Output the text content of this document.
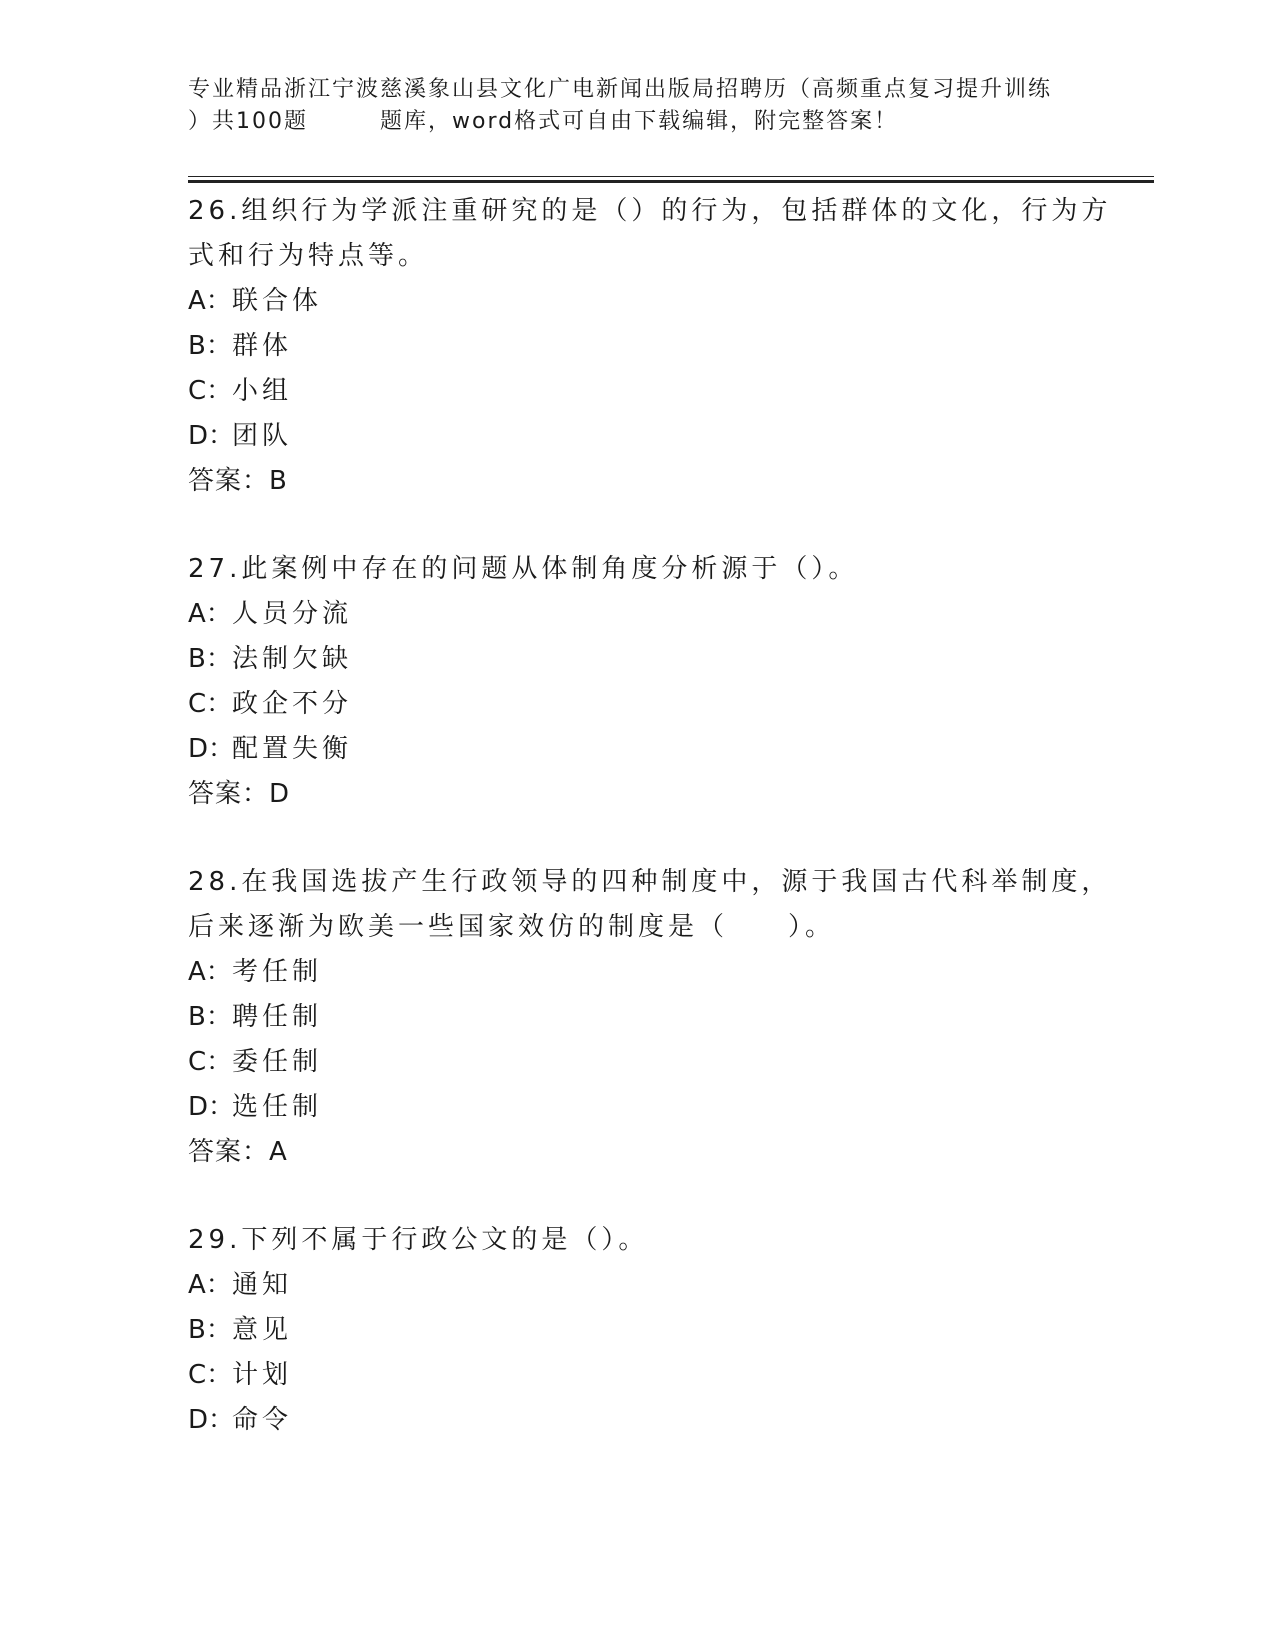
专业精品浙江宁波慈溪象山县文化广电新闻出版局招聘历（高频重点复习提升训练
）共100题	题库，word格式可自由下载编辑，附完整答案！

26.组织行为学派注重研究的是（）的行为，包括群体的文化，行为方式和行为特点等。

A：联合体
B：群体
C：小组
D：团队
答案：B

27.此案例中存在的问题从体制角度分析源于（）。

A：人员分流
B：法制欠缺
C：政企不分
D：配置失衡
答案：D

28.在我国选拔产生行政领导的四种制度中，源于我国古代科举制度，后来逐渐为欧美一些国家效仿的制度是（　　）。

A：考任制
B：聘任制
C：委任制
D：选任制
答案：A

29.下列不属于行政公文的是（）。

A：通知
B：意见
C：计划
D：命令
